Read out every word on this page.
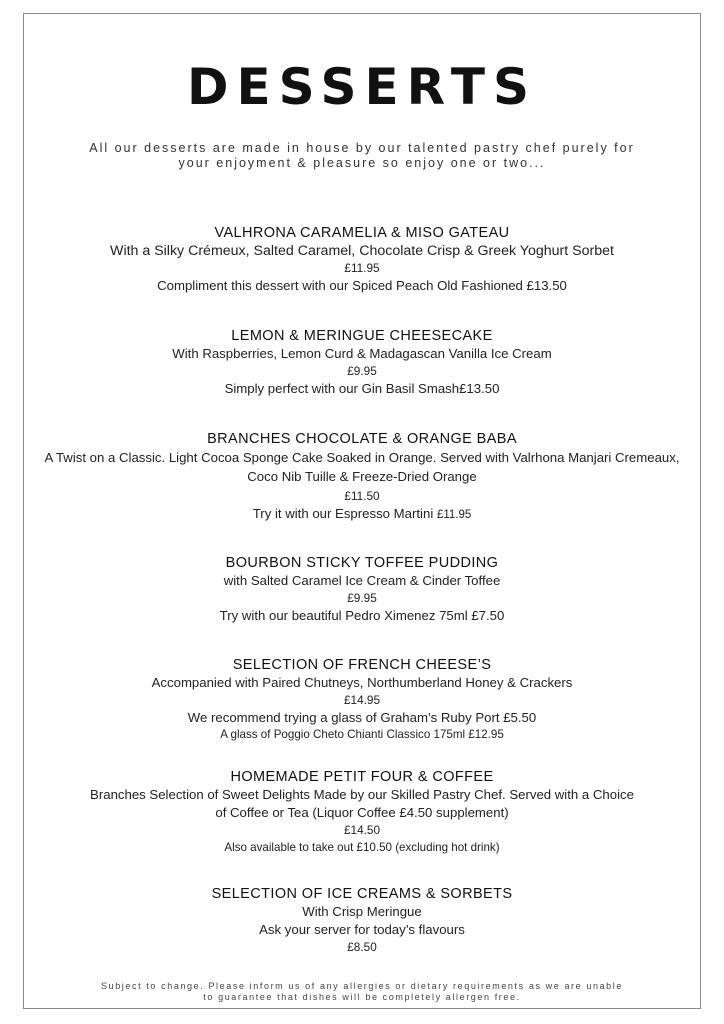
DESSERTS
All our desserts are made in house by our talented pastry chef purely for your enjoyment & pleasure so enjoy one or two...
VALHRONA CARAMELIA & MISO GATEAU
With a Silky Crémeux, Salted Caramel, Chocolate Crisp & Greek Yoghurt Sorbet
£11.95
Compliment this dessert with our Spiced Peach Old Fashioned £13.50
LEMON & MERINGUE CHEESECAKE
With Raspberries, Lemon Curd & Madagascan Vanilla Ice Cream
£9.95
Simply perfect with our Gin Basil Smash£13.50
BRANCHES CHOCOLATE & ORANGE BABA
A Twist on a Classic. Light Cocoa Sponge Cake Soaked in Orange. Served with Valrhona Manjari Cremeaux, Coco Nib Tuille & Freeze-Dried Orange
£11.50
Try it with our Espresso Martini £11.95
BOURBON STICKY TOFFEE PUDDING
with Salted Caramel Ice Cream & Cinder Toffee
£9.95
Try with our beautiful Pedro Ximenez 75ml £7.50
SELECTION OF FRENCH CHEESE’S
Accompanied with Paired Chutneys, Northumberland Honey & Crackers
£14.95
We recommend trying a glass of Graham’s Ruby Port £5.50
A glass of Poggio Cheto Chianti Classico 175ml £12.95
HOMEMADE PETIT FOUR & COFFEE
Branches Selection of Sweet Delights Made by our Skilled Pastry Chef. Served with a Choice of Coffee or Tea (Liquor Coffee £4.50 supplement)
£14.50
Also available to take out £10.50 (excluding hot drink)
SELECTION OF ICE CREAMS & SORBETS
With Crisp Meringue
Ask your server for today’s flavours
£8.50
Subject to change. Please inform us of any allergies or dietary requirements as we are unable to guarantee that dishes will be completely allergen free.
